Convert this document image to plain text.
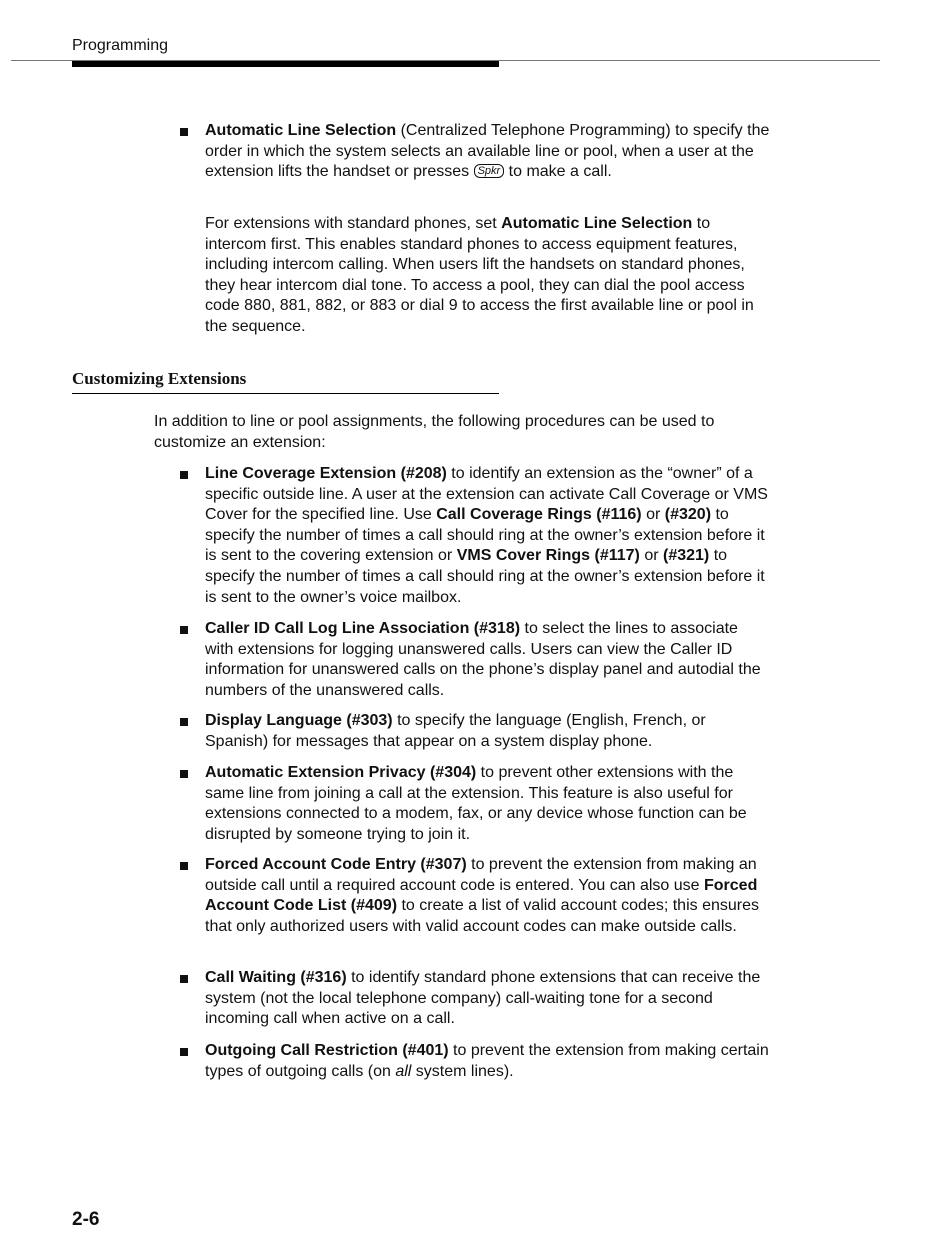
Programming

Automatic Line Selection (Centralized Telephone Programming) to specify the order in which the system selects an available line or pool, when a user at the extension lifts the handset or presses Spkr to make a call.

For extensions with standard phones, set Automatic Line Selection to intercom first. This enables standard phones to access equipment features, including intercom calling. When users lift the handsets on standard phones, they hear intercom dial tone. To access a pool, they can dial the pool access code 880, 881, 882, or 883 or dial 9 to access the first available line or pool in the sequence.

Customizing Extensions
In addition to line or pool assignments, the following procedures can be used to customize an extension:

Line Coverage Extension (#208) to identify an extension as the “owner” of a specific outside line. A user at the extension can activate Call Coverage or VMS Cover for the specified line. Use Call Coverage Rings (#116) or (#320) to specify the number of times a call should ring at the owner’s extension before it is sent to the covering extension or VMS Cover Rings (#117) or (#321) to specify the number of times a call should ring at the owner’s extension before it is sent to the owner’s voice mailbox.

Caller ID Call Log Line Association (#318) to select the lines to associate with extensions for logging unanswered calls. Users can view the Caller ID information for unanswered calls on the phone’s display panel and autodial the numbers of the unanswered calls.

Display Language (#303) to specify the language (English, French, or Spanish) for messages that appear on a system display phone.

Automatic Extension Privacy (#304) to prevent other extensions with the same line from joining a call at the extension. This feature is also useful for extensions connected to a modem, fax, or any device whose function can be disrupted by someone trying to join it.

Forced Account Code Entry (#307) to prevent the extension from making an outside call until a required account code is entered. You can also use Forced Account Code List (#409) to create a list of valid account codes; this ensures that only authorized users with valid account codes can make outside calls.

Call Waiting (#316) to identify standard phone extensions that can receive the system (not the local telephone company) call-waiting tone for a second incoming call when active on a call.

Outgoing Call Restriction (#401) to prevent the extension from making certain types of outgoing calls (on all system lines).

2-6
